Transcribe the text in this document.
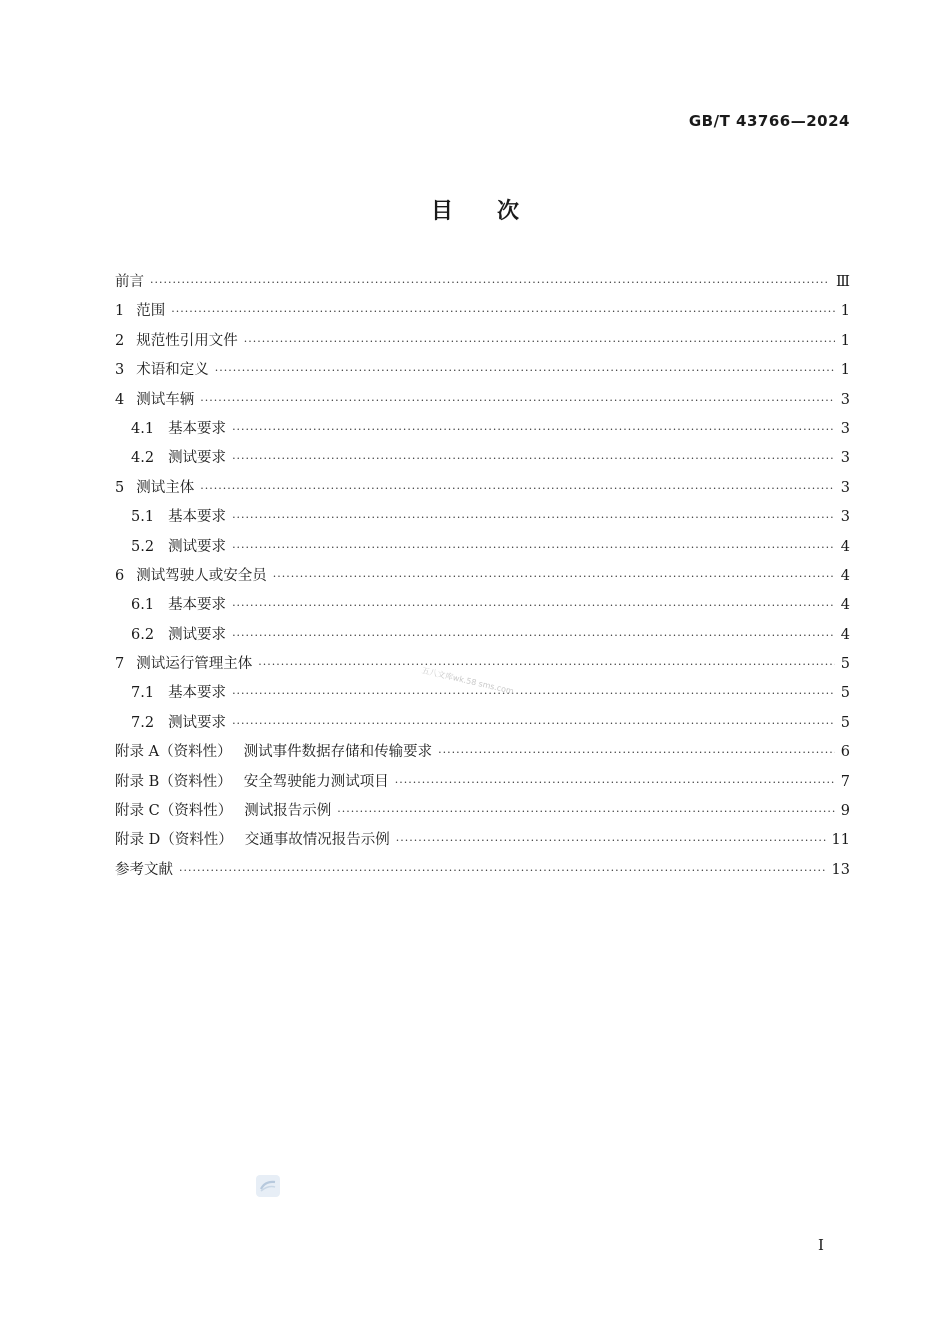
GB/T 43766—2024
目次
前言 ·····	Ⅲ
1 范围 ·····	1
2 规范性引用文件 ·····	1
3 术语和定义 ·····	1
4 测试车辆 ·····	3
4.1 基本要求 ·····	3
4.2 测试要求 ·····	3
5 测试主体 ·····	3
5.1 基本要求 ·····	3
5.2 测试要求 ·····	4
6 测试驾驶人或安全员 ·····	4
6.1 基本要求 ·····	4
6.2 测试要求 ·····	4
7 测试运行管理主体 ·····	5
7.1 基本要求 ·····	5
7.2 测试要求 ·····	5
附录 A（资料性） 测试事件数据存储和传输要求 ·····	6
附录 B（资料性） 安全驾驶能力测试项目 ·····	7
附录 C（资料性） 测试报告示例 ·····	9
附录 D（资料性） 交通事故情况报告示例 ·····	11
参考文献 ·····	13
五八文库wk.58 sms.com
I
